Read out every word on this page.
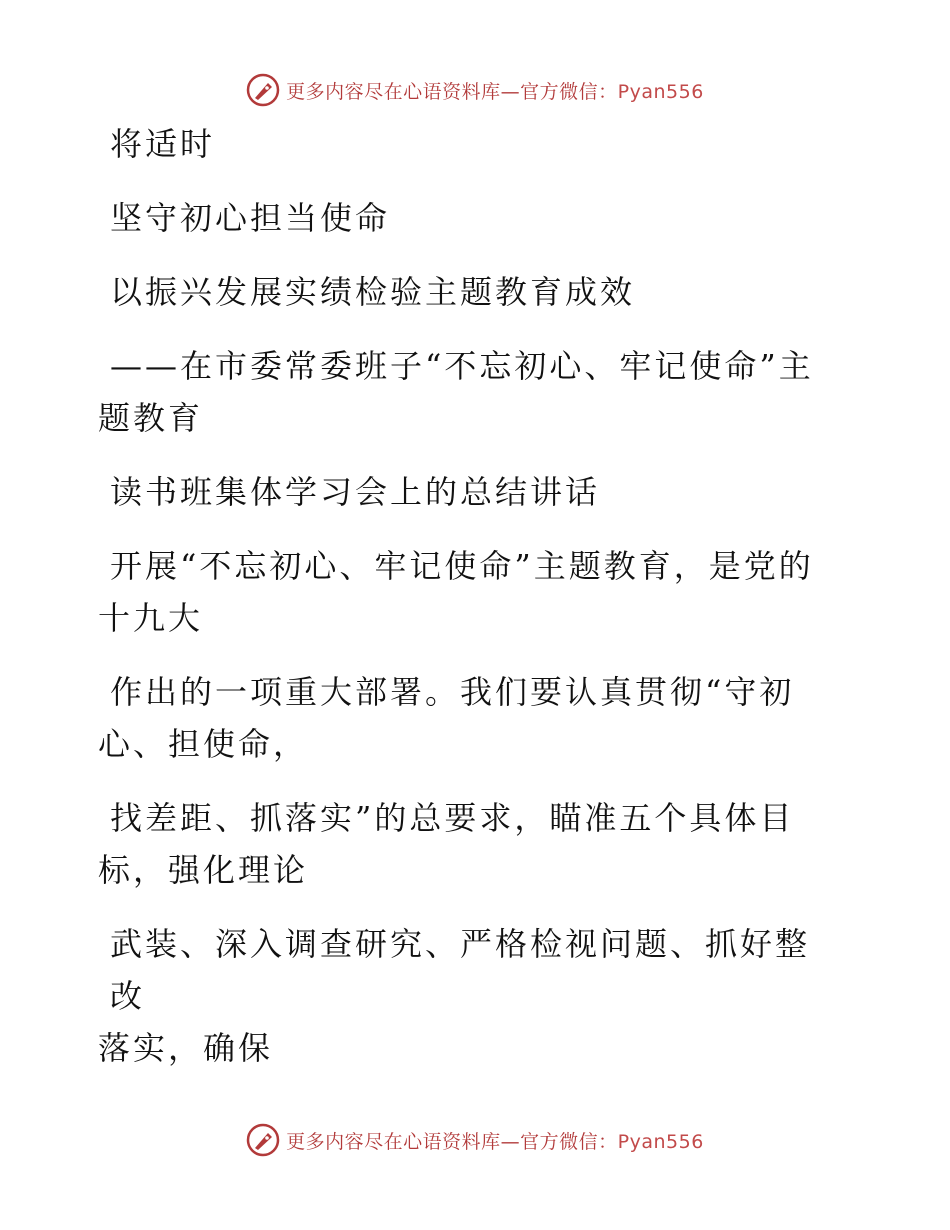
更多内容尽在心语资料库—官方微信：Pyan556

将适时

坚守初心担当使命

以振兴发展实绩检验主题教育成效

——在市委常委班子“不忘初心、牢记使命”主
题教育

读书班集体学习会上的总结讲话

开展“不忘初心、牢记使命”主题教育，是党的
十九大

作出的一项重大部署。我们要认真贯彻“守初
心、担使命，

找差距、抓落实”的总要求，瞄准五个具体目
标，强化理论

武装、深入调查研究、严格检视问题、抓好整改
落实，确保

更多内容尽在心语资料库—官方微信：Pyan556
